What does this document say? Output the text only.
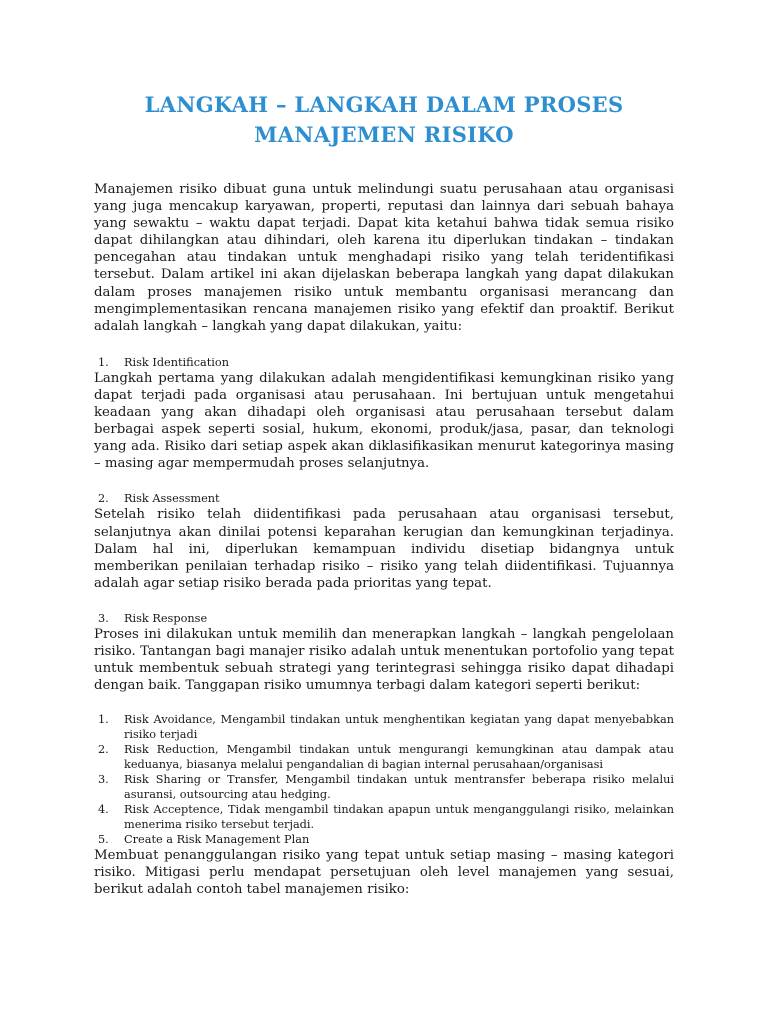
LANGKAH – LANGKAH DALAM PROSES
MANAJEMEN RISIKO

Manajemen risiko dibuat guna untuk melindungi suatu perusahaan atau organisasi yang juga mencakup karyawan, properti, reputasi dan lainnya dari sebuah bahaya yang sewaktu – waktu dapat terjadi. Dapat kita ketahui bahwa tidak semua risiko dapat dihilangkan atau dihindari, oleh karena itu diperlukan tindakan – tindakan pencegahan atau tindakan untuk menghadapi risiko yang telah teridentifikasi tersebut. Dalam artikel ini akan dijelaskan beberapa langkah yang dapat dilakukan dalam proses manajemen risiko untuk membantu organisasi merancang dan mengimplementasikan rencana manajemen risiko yang efektif dan proaktif. Berikut adalah langkah – langkah yang dapat dilakukan, yaitu:

1.	Risk Identification

Langkah pertama yang dilakukan adalah mengidentifikasi kemungkinan risiko yang dapat terjadi pada organisasi atau perusahaan. Ini bertujuan untuk mengetahui keadaan yang akan dihadapi oleh organisasi atau perusahaan tersebut dalam berbagai aspek seperti sosial, hukum, ekonomi, produk/jasa, pasar, dan teknologi yang ada. Risiko dari setiap aspek akan diklasifikasikan menurut kategorinya masing – masing agar mempermudah proses selanjutnya.

2.	Risk Assessment

Setelah risiko telah diidentifikasi pada perusahaan atau organisasi tersebut, selanjutnya akan dinilai potensi keparahan kerugian dan kemungkinan terjadinya. Dalam hal ini, diperlukan kemampuan individu disetiap bidangnya untuk memberikan penilaian terhadap risiko – risiko yang telah diidentifikasi. Tujuannya adalah agar setiap risiko berada pada prioritas yang tepat.

3.	Risk Response

Proses ini dilakukan untuk memilih dan menerapkan langkah – langkah pengelolaan risiko. Tantangan bagi manajer risiko adalah untuk menentukan portofolio yang tepat untuk membentuk sebuah strategi yang terintegrasi sehingga risiko dapat dihadapi dengan baik. Tanggapan risiko umumnya terbagi dalam kategori seperti berikut:

1.	Risk Avoidance, Mengambil tindakan untuk menghentikan kegiatan yang dapat menyebabkan risiko terjadi
2.	Risk Reduction, Mengambil tindakan untuk mengurangi kemungkinan atau dampak atau keduanya, biasanya melalui pengandalian di bagian internal perusahaan/organisasi
3.	Risk Sharing or Transfer, Mengambil tindakan untuk mentransfer beberapa risiko melalui asuransi, outsourcing atau hedging.
4.	Risk Acceptence, Tidak mengambil tindakan apapun untuk menganggulangi risiko, melainkan menerima risiko tersebut terjadi.
5.	Create a Risk Management Plan

Membuat penanggulangan risiko yang tepat untuk setiap masing – masing kategori risiko. Mitigasi perlu mendapat persetujuan oleh level manajemen yang sesuai, berikut adalah contoh tabel manajemen risiko:
